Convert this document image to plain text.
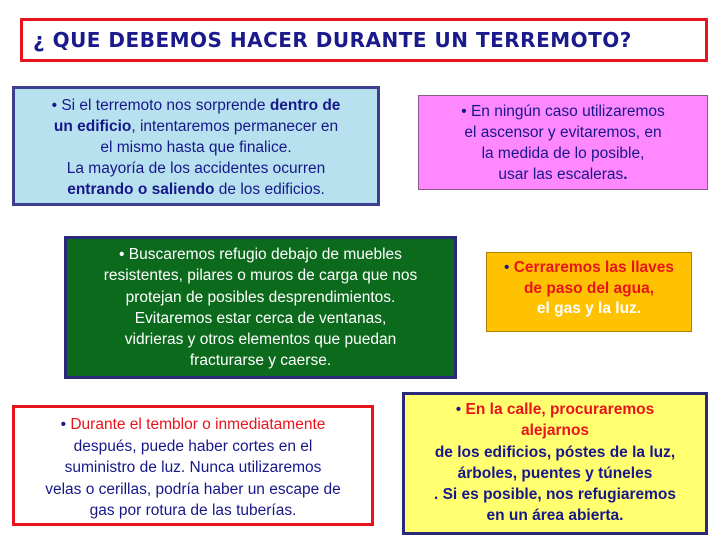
¿ QUE DEBEMOS HACER DURANTE UN TERREMOTO?
• Si el terremoto nos sorprende dentro de
un edificio, intentaremos permanecer en
el mismo hasta que finalice.
La mayoría de los accidentes ocurren
entrando o saliendo de los edificios.
• En ningún caso utilizaremos
el ascensor y evitaremos, en
la medida de lo posible,
usar las escaleras.
• Buscaremos refugio debajo de muebles
resistentes, pilares o muros de carga que nos
protejan de posibles desprendimientos.
Evitaremos estar cerca de ventanas,
vidrieras y otros elementos que puedan
fracturarse y caerse.
• Cerraremos las llaves
de paso del agua,
el gas y la luz.
• Durante el temblor o inmediatamente
después, puede haber cortes en el
suministro de luz. Nunca utilizaremos
velas o cerillas, podría haber un escape de
gas por rotura de las tuberías.
• En la calle, procuraremos
alejarnos
de los edificios, póstes de la luz,
árboles, puentes y túneles
. Si es posible, nos refugiaremos
en un área abierta.
